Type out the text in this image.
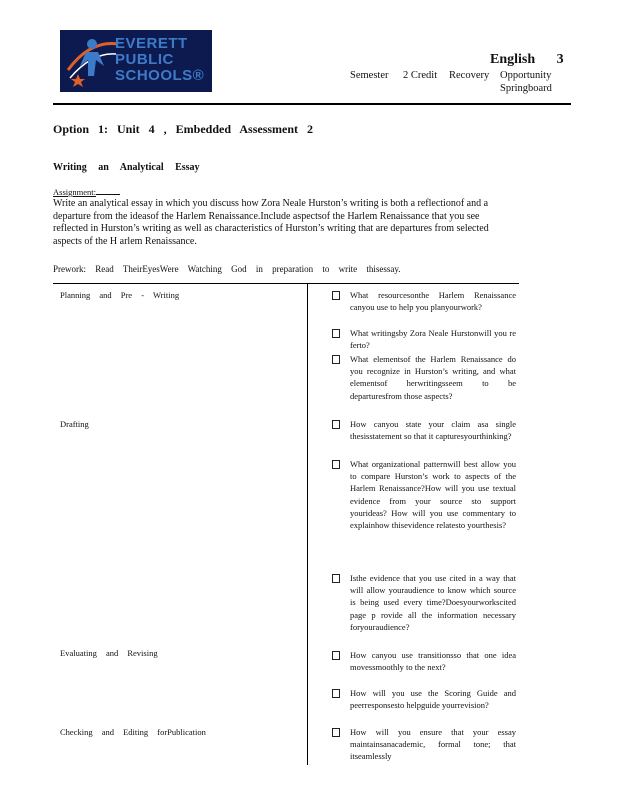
EVERETT
PUBLIC
SCHOOLS®
English 3
Semester 2 Credit Recovery Opportunity
Springboard
Option 1: Unit 4 , Embedded Assessment 2
Writing an Analytical Essay
Assignment:
Write an analytical essay in which you discuss how Zora Neale Hurston’s writing is both a reflectionof and a departure from the ideasof the Harlem Renaissance.Include aspectsof the Harlem Renaissance that you see reflected in Hurston’s writing as well as characteristics of Hurston’s writing that are departures from selected aspects of the H arlem Renaissance.
Prework: Read TheirEyesWere Watching God in preparation to write thisessay.
Planning and Pre - Writing
Drafting
Evaluating and Revising
Checking and Editing forPublication
What resourcesonthe Harlem Renaissance canyou use to help you planyourwork?
What writingsby Zora Neale Hurstonwill you re ferto?
What elementsof the Harlem Renaissance do you recognize in Hurston’s writing, and what elementsof herwritingsseem to be departuresfrom those aspects?
How canyou state your claim asa single thesisstatement so that it capturesyourthinking?
What organizational patternwill best allow you to compare Hurston’s work to aspects of the Harlem Renaissance?How will you use textual evidence from your source sto support yourideas? How will you use commentary to explainhow thisevidence relatesto yourthesis?
Isthe evidence that you use cited in a way that will allow youraudience to know which source is being used every time?Doesyourworkscited page p rovide all the information necessary foryouraudience?
How canyou use transitionsso that one idea movessmoothly to the next?
How will you use the Scoring Guide and peerresponsesto helpguide yourrevision?
How will you ensure that your essay maintainsanacademic, formal tone; that itseamlessly
